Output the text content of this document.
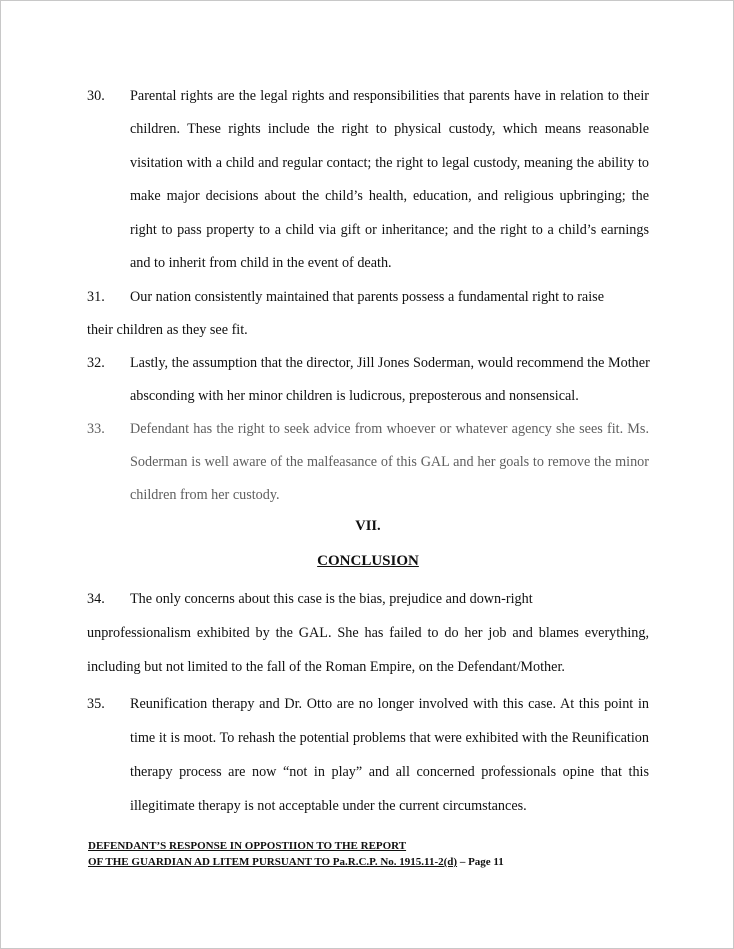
30. Parental rights are the legal rights and responsibilities that parents have in relation to their
children. These rights include the right to physical custody, which means reasonable
visitation with a child and regular contact; the right to legal custody, meaning the ability to
make major decisions about the child’s health, education, and religious upbringing; the
right to pass property to a child via gift or inheritance; and the right to a child’s earnings
and to inherit from child in the event of death.
31. Our nation consistently maintained that parents possess a fundamental right to raise
their children as they see fit.
32. Lastly, the assumption that the director, Jill Jones Soderman, would recommend the Mother
absconding with her minor children is ludicrous, preposterous and nonsensical.
33. Defendant has the right to seek advice from whoever or whatever agency she sees fit. Ms.
Soderman is well aware of the malfeasance of this GAL and her goals to remove the minor
children from her custody.
VII.
CONCLUSION
34. The only concerns about this case is the bias, prejudice and down-right
unprofessionalism exhibited by the GAL. She has failed to do her job and blames everything,
including but not limited to the fall of the Roman Empire, on the Defendant/Mother.
35. Reunification therapy and Dr. Otto are no longer involved with this case. At this point in
time it is moot. To rehash the potential problems that were exhibited with the Reunification
therapy process are now “not in play” and all concerned professionals opine that this
illegitimate therapy is not acceptable under the current circumstances.
DEFENDANT’S RESPONSE IN OPPOSTIION TO THE REPORT
OF THE GUARDIAN AD LITEM PURSUANT TO Pa.R.C.P. No. 1915.11-2(d) – Page 11
